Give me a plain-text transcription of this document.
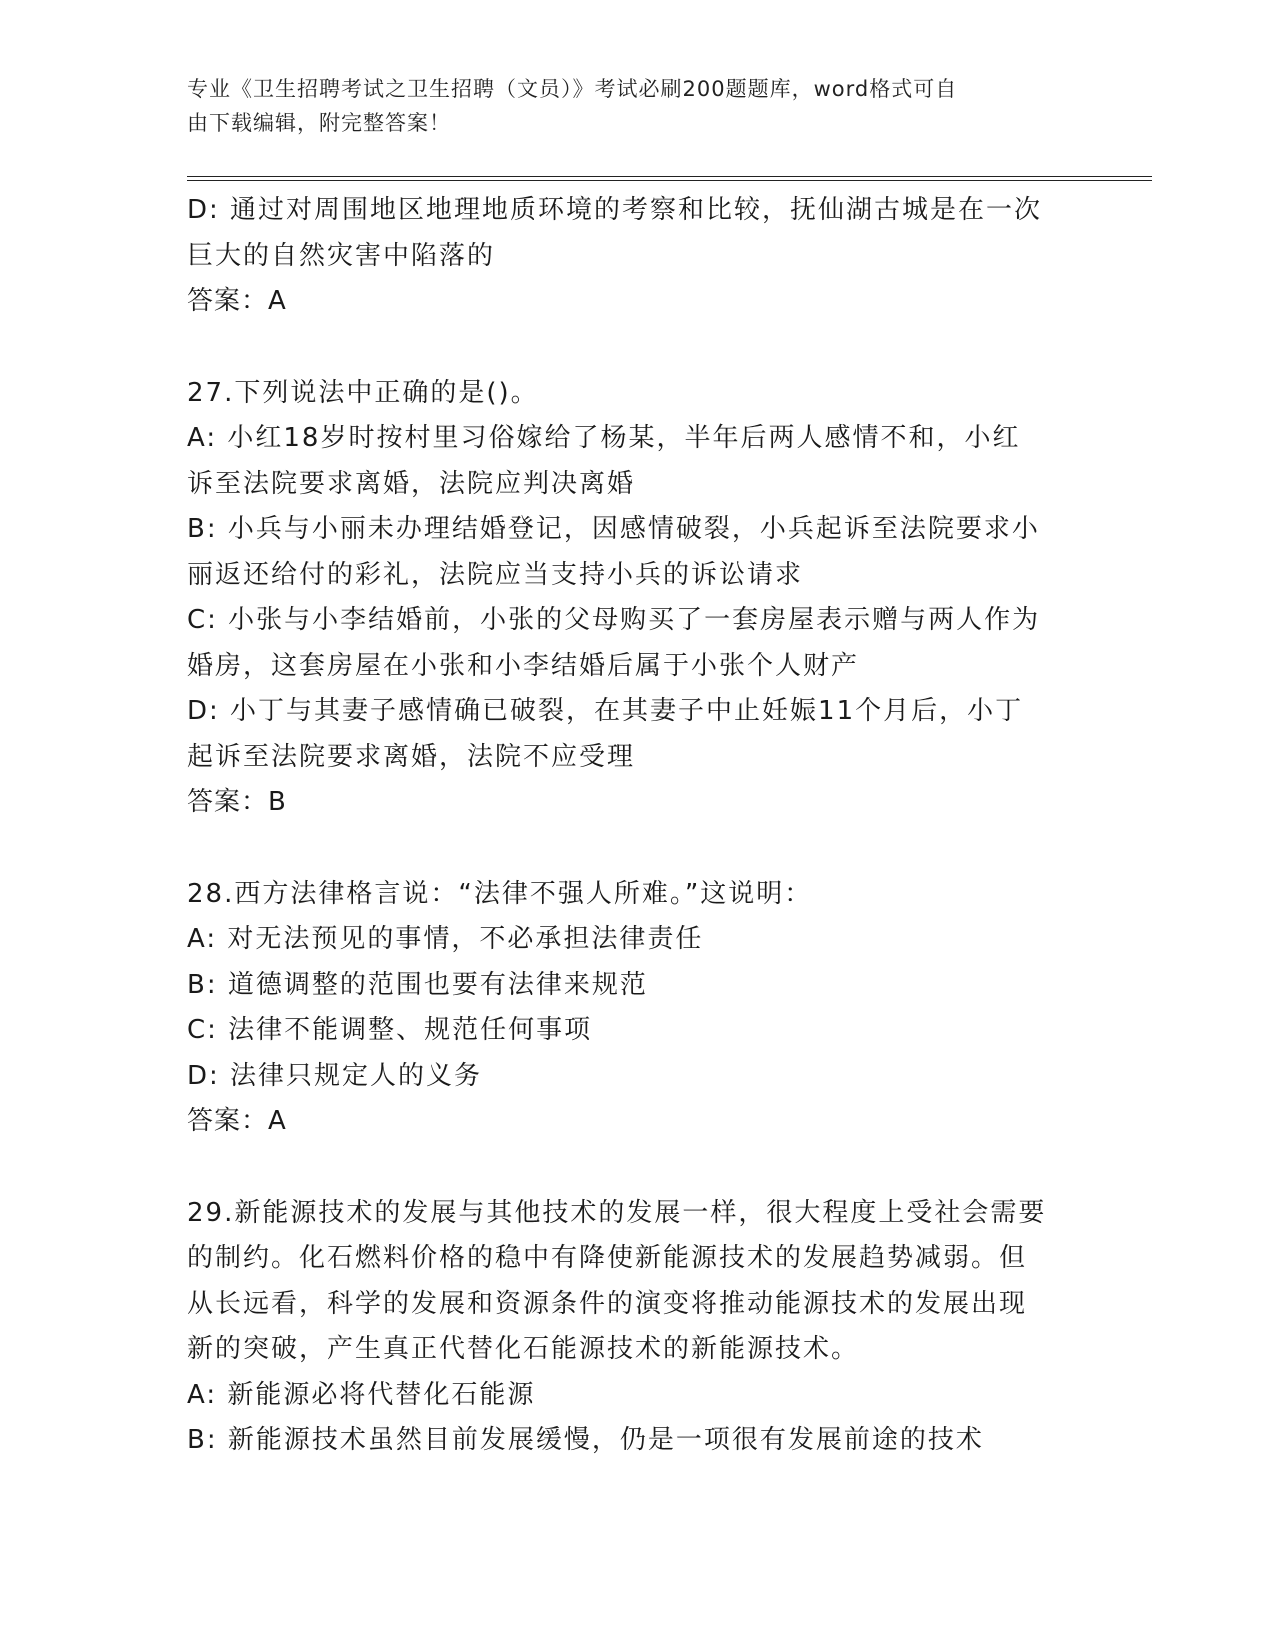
专业《卫生招聘考试之卫生招聘（文员）》考试必刷200题题库，word格式可自
由下载编辑，附完整答案！
D: 通过对周围地区地理地质环境的考察和比较，抚仙湖古城是在一次
巨大的自然灾害中陷落的
答案：A
27.下列说法中正确的是()。
A: 小红18岁时按村里习俗嫁给了杨某，半年后两人感情不和，小红
诉至法院要求离婚，法院应判决离婚
B: 小兵与小丽未办理结婚登记，因感情破裂，小兵起诉至法院要求小
丽返还给付的彩礼，法院应当支持小兵的诉讼请求
C: 小张与小李结婚前，小张的父母购买了一套房屋表示赠与两人作为
婚房，这套房屋在小张和小李结婚后属于小张个人财产
D: 小丁与其妻子感情确已破裂，在其妻子中止妊娠11个月后，小丁
起诉至法院要求离婚，法院不应受理
答案：B
28.西方法律格言说：“法律不强人所难。”这说明：
A: 对无法预见的事情，不必承担法律责任
B: 道德调整的范围也要有法律来规范
C: 法律不能调整、规范任何事项
D: 法律只规定人的义务
答案：A
29.新能源技术的发展与其他技术的发展一样，很大程度上受社会需要
的制约。化石燃料价格的稳中有降使新能源技术的发展趋势减弱。但
从长远看，科学的发展和资源条件的演变将推动能源技术的发展出现
新的突破，产生真正代替化石能源技术的新能源技术。
A: 新能源必将代替化石能源
B: 新能源技术虽然目前发展缓慢，仍是一项很有发展前途的技术
